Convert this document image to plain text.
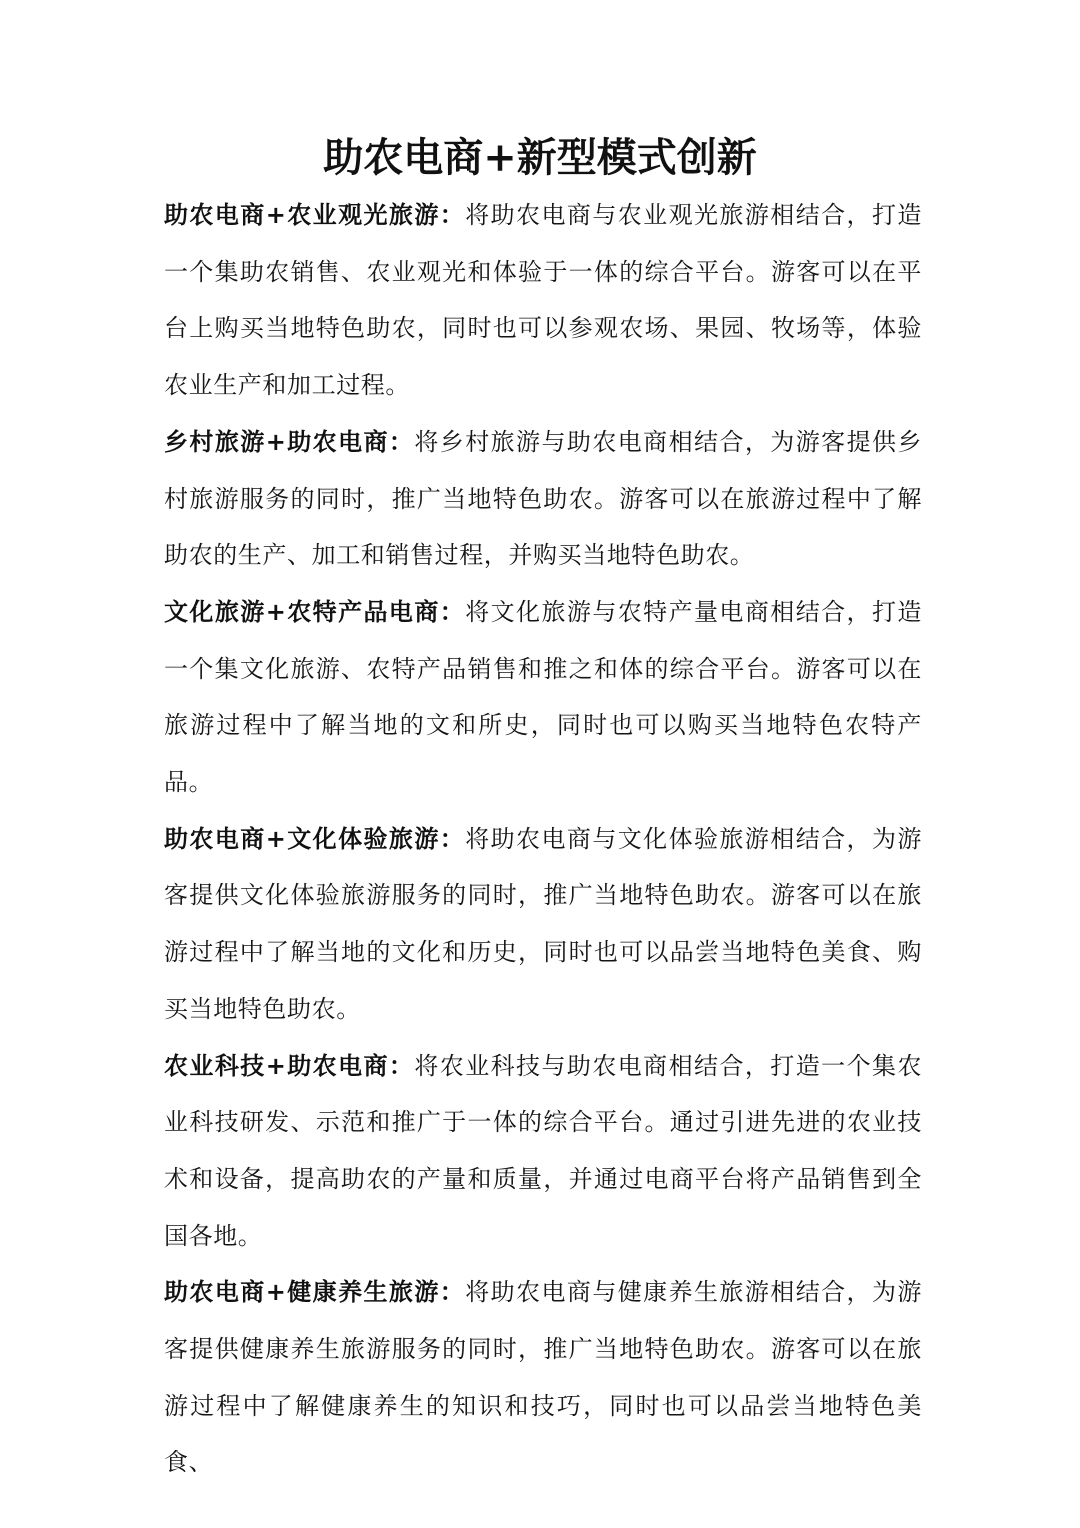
助农电商+新型模式创新

助农电商+农业观光旅游：将助农电商与农业观光旅游相结合，打造一个集助农销售、农业观光和体验于一体的综合平台。游客可以在平台上购买当地特色助农，同时也可以参观农场、果园、牧场等，体验农业生产和加工过程。

乡村旅游+助农电商：将乡村旅游与助农电商相结合，为游客提供乡村旅游服务的同时，推广当地特色助农。游客可以在旅游过程中了解助农的生产、加工和销售过程，并购买当地特色助农。

文化旅游+农特产品电商：将文化旅游与农特产量电商相结合，打造一个集文化旅游、农特产品销售和推之和体的综合平台。游客可以在旅游过程中了解当地的文和所史，同时也可以购买当地特色农特产品。

助农电商+文化体验旅游：将助农电商与文化体验旅游相结合，为游客提供文化体验旅游服务的同时，推广当地特色助农。游客可以在旅游过程中了解当地的文化和历史，同时也可以品尝当地特色美食、购买当地特色助农。

农业科技+助农电商：将农业科技与助农电商相结合，打造一个集农业科技研发、示范和推广于一体的综合平台。通过引进先进的农业技术和设备，提高助农的产量和质量，并通过电商平台将产品销售到全国各地。

助农电商+健康养生旅游：将助农电商与健康养生旅游相结合，为游客提供健康养生旅游服务的同时，推广当地特色助农。游客可以在旅游过程中了解健康养生的知识和技巧，同时也可以品尝当地特色美食、
